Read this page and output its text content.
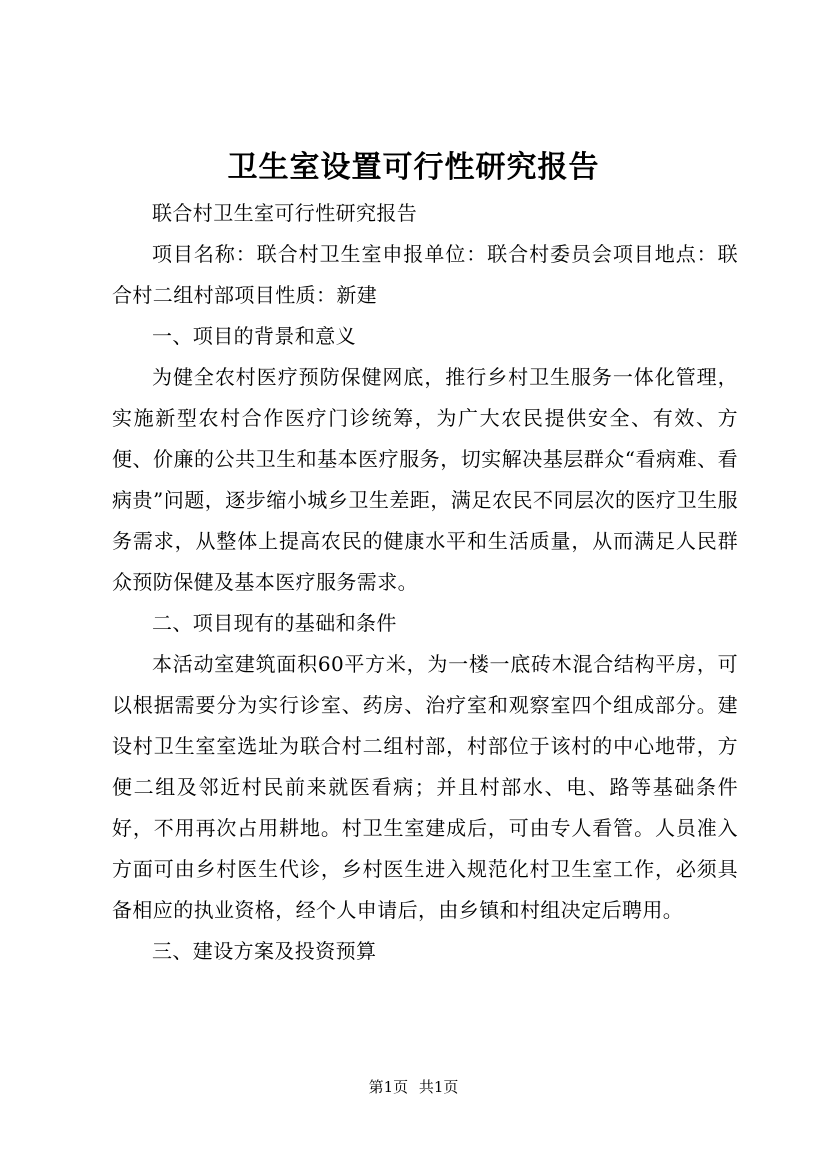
卫生室设置可行性研究报告

联合村卫生室可行性研究报告

项目名称：联合村卫生室申报单位：联合村委员会项目地点：联合村二组村部项目性质：新建

一、项目的背景和意义

为健全农村医疗预防保健网底，推行乡村卫生服务一体化管理，实施新型农村合作医疗门诊统筹，为广大农民提供安全、有效、方便、价廉的公共卫生和基本医疗服务，切实解决基层群众“看病难、看病贵”问题，逐步缩小城乡卫生差距，满足农民不同层次的医疗卫生服务需求，从整体上提高农民的健康水平和生活质量，从而满足人民群众预防保健及基本医疗服务需求。

二、项目现有的基础和条件

本活动室建筑面积60平方米，为一楼一底砖木混合结构平房，可以根据需要分为实行诊室、药房、治疗室和观察室四个组成部分。建设村卫生室室选址为联合村二组村部，村部位于该村的中心地带，方便二组及邻近村民前来就医看病；并且村部水、电、路等基础条件好，不用再次占用耕地。村卫生室建成后，可由专人看管。人员准入方面可由乡村医生代诊，乡村医生进入规范化村卫生室工作，必须具备相应的执业资格，经个人申请后，由乡镇和村组决定后聘用。

三、建设方案及投资预算

第1页 共1页
